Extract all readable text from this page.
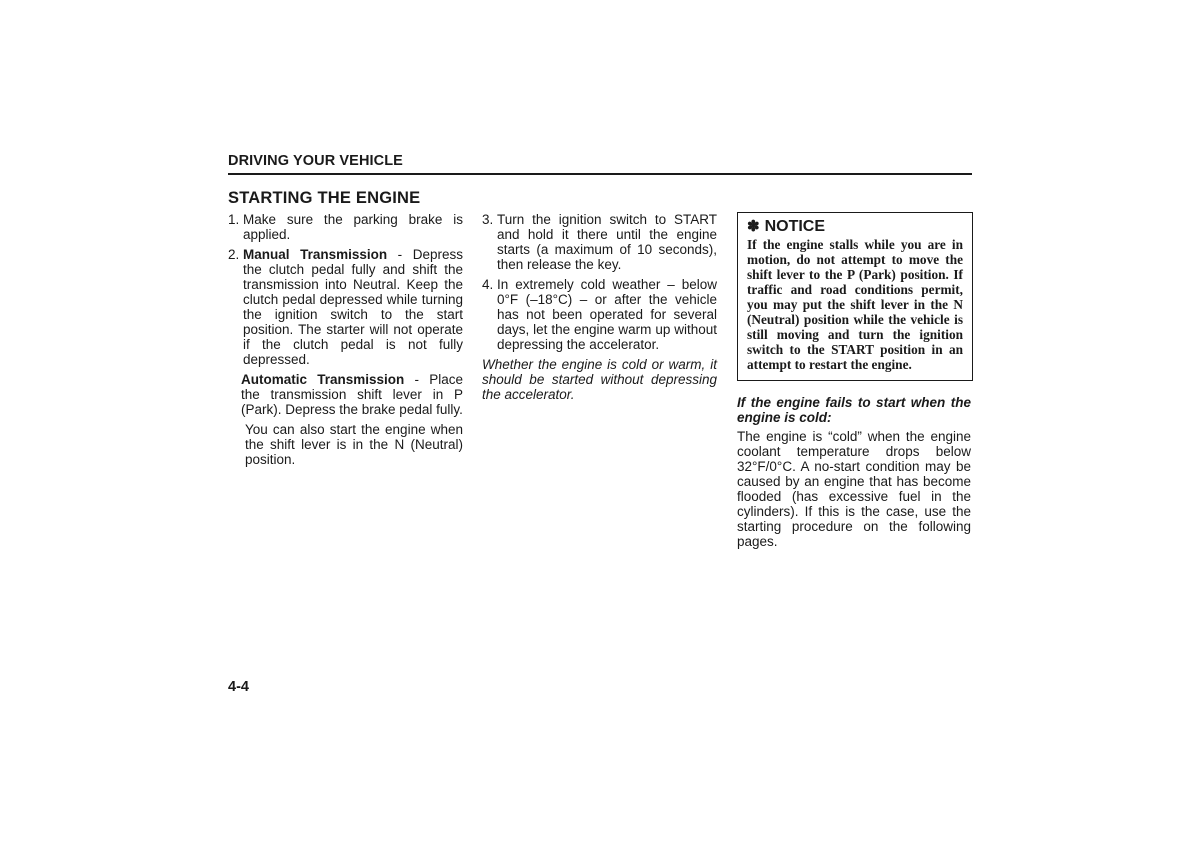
DRIVING YOUR VEHICLE
STARTING THE ENGINE
1. Make sure the parking brake is applied.
2. Manual Transmission - Depress the clutch pedal fully and shift the transmission into Neutral. Keep the clutch pedal depressed while turning the ignition switch to the start position. The starter will not operate if the clutch pedal is not fully depressed.
Automatic Transmission - Place the transmission shift lever in P (Park). Depress the brake pedal fully.
You can also start the engine when the shift lever is in the N (Neutral) position.
3. Turn the ignition switch to START and hold it there until the engine starts (a maximum of 10 seconds), then release the key.
4. In extremely cold weather – below 0°F (–18°C) – or after the vehicle has not been operated for several days, let the engine warm up without depressing the accelerator.
Whether the engine is cold or warm, it should be started without depressing the accelerator.
✽ NOTICE
If the engine stalls while you are in motion, do not attempt to move the shift lever to the P (Park) position. If traffic and road conditions permit, you may put the shift lever in the N (Neutral) position while the vehicle is still moving and turn the ignition switch to the START position in an attempt to restart the engine.
If the engine fails to start when the engine is cold:
The engine is “cold” when the engine coolant temperature drops below 32°F/0°C. A no-start condition may be caused by an engine that has become flooded (has excessive fuel in the cylinders). If this is the case, use the starting procedure on the following pages.
4-4
